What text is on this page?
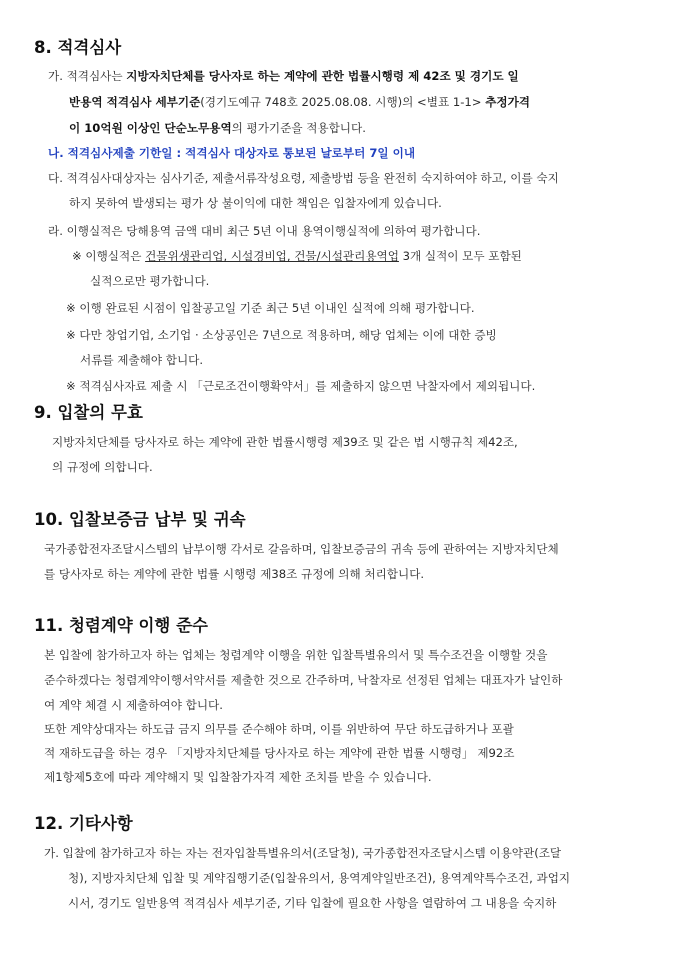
8. 적격심사
가. 적격심사는 지방자치단체를 당사자로 하는 계약에 관한 법률시행령 제 42조 및 경기도 일
반용역 적격심사 세부기준(경기도예규 748호 2025.08.08. 시행)의 <별표 1-1> 추정가격
이 10억원 이상인 단순노무용역의 평가기준을 적용합니다.
나. 적격심사제출 기한일 : 적격심사 대상자로 통보된 날로부터 7일 이내
다. 적격심사대상자는 심사기준, 제출서류작성요령, 제출방법 등을 완전히 숙지하여야 하고, 이를 숙지
하지 못하여 발생되는 평가 상 불이익에 대한 책임은 입찰자에게 있습니다.
라. 이행실적은 당해용역 금액 대비 최근 5년 이내 용역이행실적에 의하여 평가합니다.
※ 이행실적은 건물위생관리업, 시설경비업, 건물/시설관리용역업 3개 실적이 모두 포함된
실적으로만 평가합니다.
※ 이행 완료된 시점이 입찰공고일 기준 최근 5년 이내인 실적에 의해 평가합니다.
※ 다만 창업기업, 소기업 · 소상공인은 7년으로 적용하며, 해당 업체는 이에 대한 증빙
서류를 제출해야 합니다.
※ 적격심사자료 제출 시 「근로조건이행확약서」를 제출하지 않으면 낙찰자에서 제외됩니다.
9. 입찰의 무효
지방자치단체를 당사자로 하는 계약에 관한 법률시행령 제39조 및 같은 법 시행규칙 제42조,
의 규정에 의합니다.
10. 입찰보증금 납부 및 귀속
국가종합전자조달시스템의 납부이행 각서로 갈음하며, 입찰보증금의 귀속 등에 관하여는 지방자치단체
를 당사자로 하는 계약에 관한 법률 시행령 제38조 규정에 의해 처리합니다.
11. 청렴계약 이행 준수
본 입찰에 참가하고자 하는 업체는 청렴계약 이행을 위한 입찰특별유의서 및 특수조건을 이행할 것을
준수하겠다는 청렴계약이행서약서를 제출한 것으로 간주하며, 낙찰자로 선정된 업체는 대표자가 날인하
여 계약 체결 시 제출하여야 합니다.
또한 계약상대자는 하도급 금지 의무를 준수해야 하며, 이를 위반하여 무단 하도급하거나 포괄
적 재하도급을 하는 경우 「지방자치단체를 당사자로 하는 계약에 관한 법률 시행령」 제92조
제1항제5호에 따라 계약해지 및 입찰참가자격 제한 조치를 받을 수 있습니다.
12. 기타사항
가. 입찰에 참가하고자 하는 자는 전자입찰특별유의서(조달청), 국가종합전자조달시스템 이용약관(조달
청), 지방자치단체 입찰 및 계약집행기준(입찰유의서, 용역계약일반조건), 용역계약특수조건, 과업지
시서, 경기도 일반용역 적격심사 세부기준, 기타 입찰에 필요한 사항을 열람하여 그 내용을 숙지하
